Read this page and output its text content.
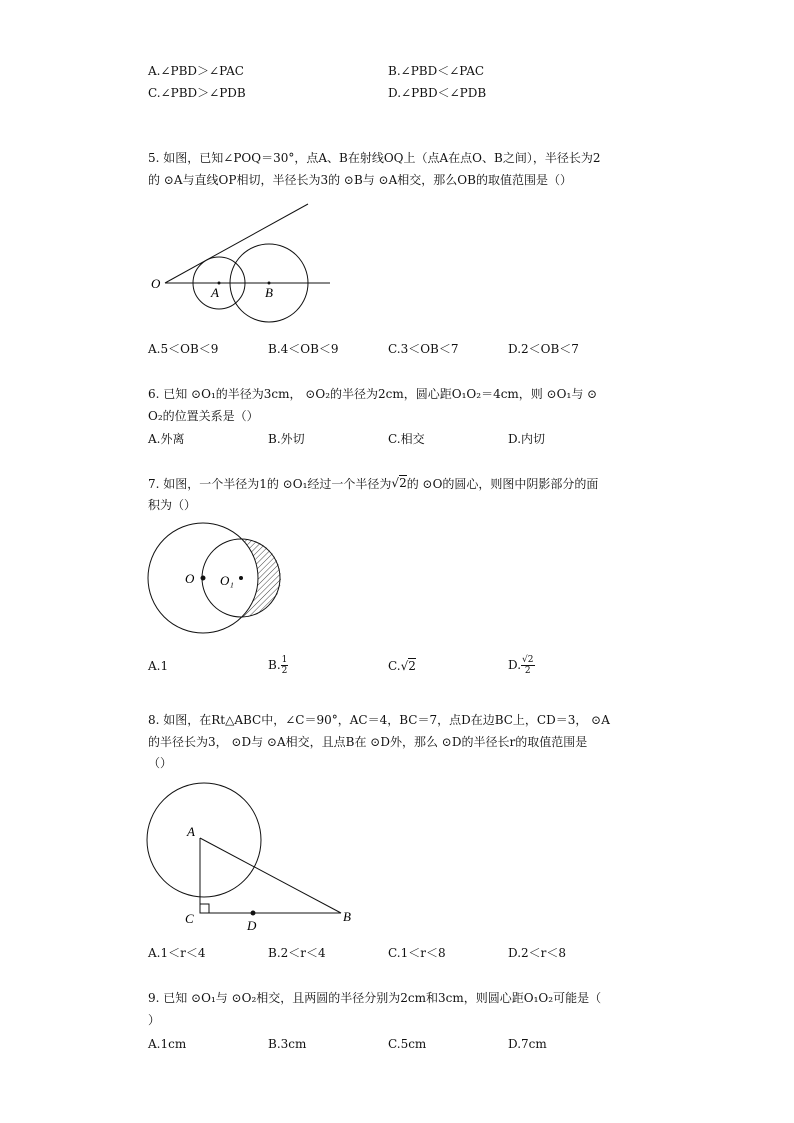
A.∠PBD＞∠PAC	B.∠PBD＜∠PAC
C.∠PBD＞∠PDB	D.∠PBD＜∠PDB
5. 如图，已知∠POQ＝30°，点A、B在射线OQ上（点A在点O、B之间），半径长为2
的 ⊙A与直线OP相切，半径长为3的 ⊙B与 ⊙A相交，那么OB的取值范围是（）
O
A	B
A.5＜OB＜9	B.4＜OB＜9	C.3＜OB＜7	D.2＜OB＜7
6. 已知 ⊙O₁的半径为3cm， ⊙O₂的半径为2cm，圆心距O₁O₂＝4cm，则 ⊙O₁与 ⊙
O₂的位置关系是（）
A.外离	B.外切	C.相交	D.内切
7. 如图，一个半径为1的 ⊙O₁经过一个半径为√2的 ⊙O的圆心，则图中阴影部分的面
积为（）
O O₁
A.1	B. $\frac{1}{2}$	C.√2	D. $\frac{√2}{2}$
8. 如图，在Rt△ABC中，∠C＝90°，AC＝4，BC＝7，点D在边BC上，CD＝3， ⊙A
的半径长为3， ⊙D与 ⊙A相交，且点B在 ⊙D外，那么 ⊙D的半径长r的取值范围是
（）
A
C	D
B
A.1＜r＜4	B.2＜r＜4	C.1＜r＜8	D.2＜r＜8
9. 已知 ⊙O₁与 ⊙O₂相交，且两圆的半径分别为2cm和3cm，则圆心距O₁O₂可能是（
）
A.1cm	B.3cm	C.5cm	D.7cm
